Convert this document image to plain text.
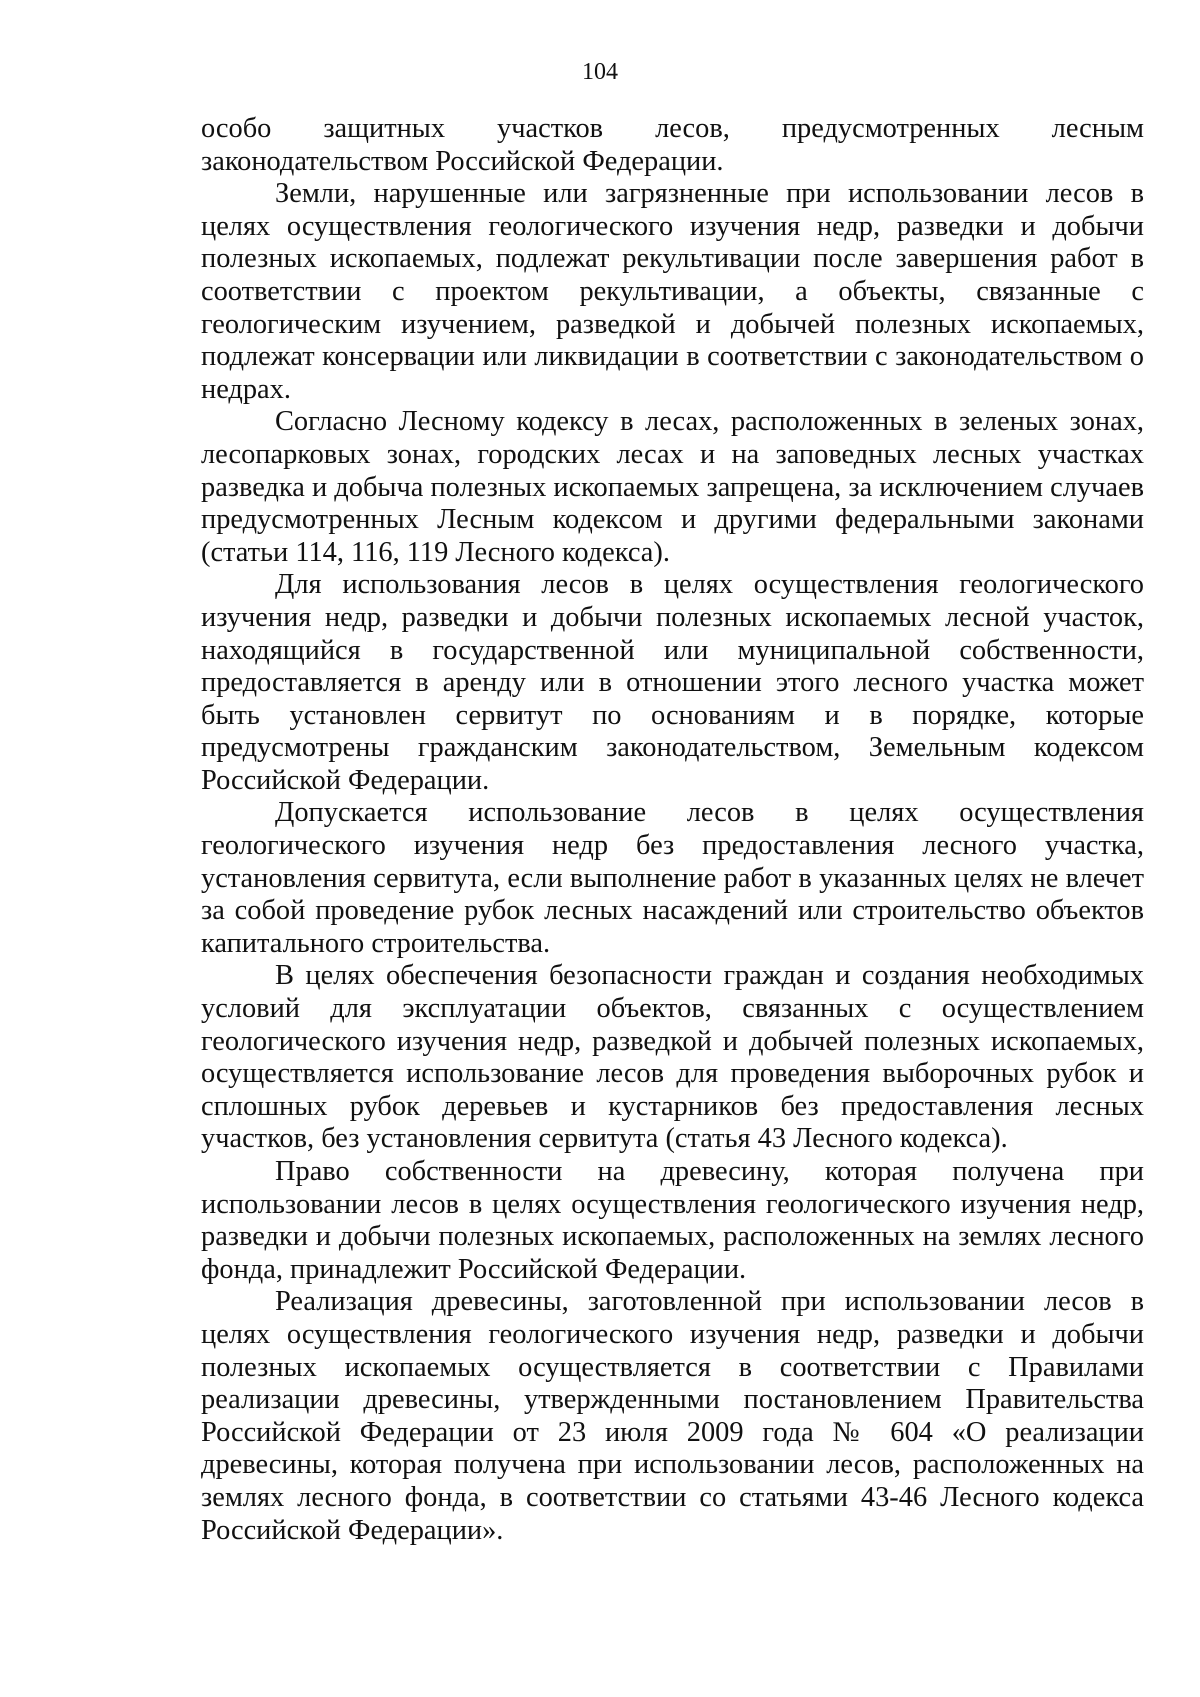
104

особо защитных участков лесов, предусмотренных лесным законодательством Российской Федерации.

Земли, нарушенные или загрязненные при использовании лесов в целях осуществления геологического изучения недр, разведки и добычи полезных ископаемых, подлежат рекультивации после завершения работ в соответствии с проектом рекультивации, а объекты, связанные с геологическим изучением, разведкой и добычей полезных ископаемых, подлежат консервации или ликвидации в соответствии с законодательством о недрах.

Согласно Лесному кодексу в лесах, расположенных в зеленых зонах, лесопарковых зонах, городских лесах и на заповедных лесных участках разведка и добыча полезных ископаемых запрещена, за исключением случаев предусмотренных Лесным кодексом и другими федеральными законами (статьи 114, 116, 119 Лесного кодекса).

Для использования лесов в целях осуществления геологического изучения недр, разведки и добычи полезных ископаемых лесной участок, находящийся в государственной или муниципальной собственности, предоставляется в аренду или в отношении этого лесного участка может быть установлен сервитут по основаниям и в порядке, которые предусмотрены гражданским законодательством, Земельным кодексом Российской Федерации.

Допускается использование лесов в целях осуществления геологического изучения недр без предоставления лесного участка, установления сервитута, если выполнение работ в указанных целях не влечет за собой проведение рубок лесных насаждений или строительство объектов капитального строительства.

В целях обеспечения безопасности граждан и создания необходимых условий для эксплуатации объектов, связанных с осуществлением геологического изучения недр, разведкой и добычей полезных ископаемых, осуществляется использование лесов для проведения выборочных рубок и сплошных рубок деревьев и кустарников без предоставления лесных участков, без установления сервитута (статья 43 Лесного кодекса).

Право собственности на древесину, которая получена при использовании лесов в целях осуществления геологического изучения недр, разведки и добычи полезных ископаемых, расположенных на землях лесного фонда, принадлежит Российской Федерации.

Реализация древесины, заготовленной при использовании лесов в целях осуществления геологического изучения недр, разведки и добычи полезных ископаемых осуществляется в соответствии с Правилами реализации древесины, утвержденными постановлением Правительства Российской Федерации от 23 июля 2009 года № 604 «О реализации древесины, которая получена при использовании лесов, расположенных на землях лесного фонда, в соответствии со статьями 43-46 Лесного кодекса Российской Федерации».
